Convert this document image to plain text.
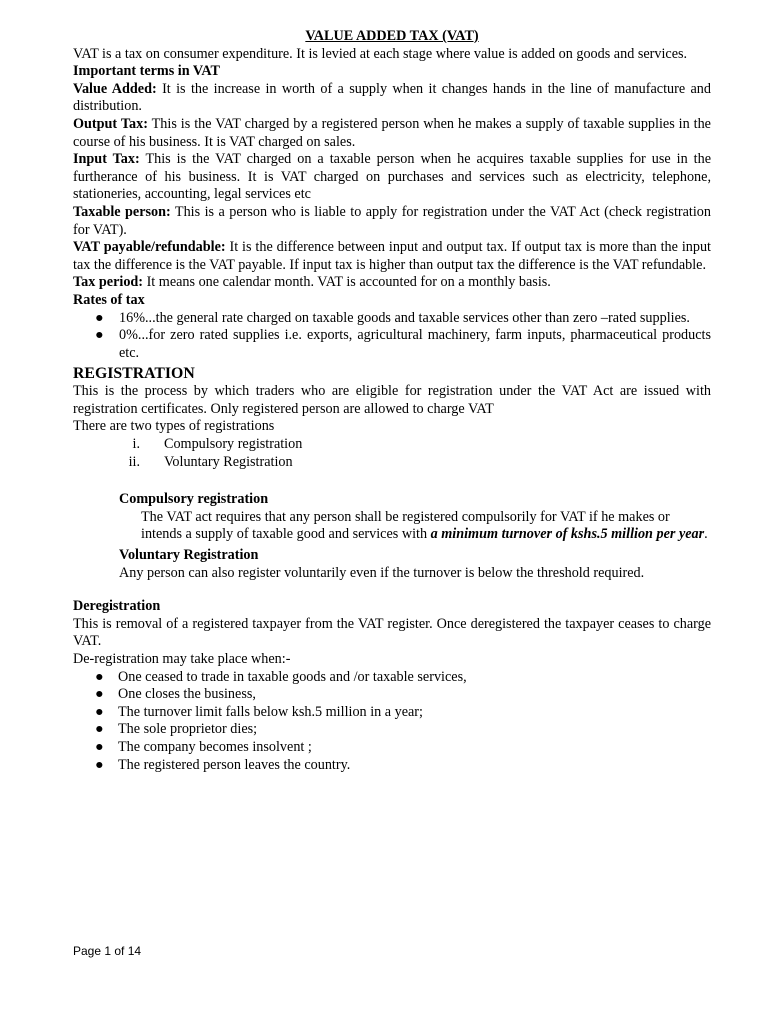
VALUE ADDED TAX (VAT)

VAT is a tax on consumer expenditure. It is levied at each stage where value is added on goods and services.

Important terms in VAT

Value Added: It is the increase in worth of a supply when it changes hands in the line of manufacture and distribution.

Output Tax: This is the VAT charged by a registered person when he makes a supply of taxable supplies in the course of his business. It is VAT charged on sales.

Input Tax: This is the VAT charged on a taxable person when he acquires taxable supplies for use in the furtherance of his business. It is VAT charged on purchases and services such as electricity, telephone, stationeries, accounting, legal services etc

Taxable person: This is a person who is liable to apply for registration under the VAT Act (check registration for VAT).

VAT payable/refundable: It is the difference between input and output tax. If output tax is more than the input tax the difference is the VAT payable. If input tax is higher than output tax the difference is the VAT refundable.

Tax period: It means one calendar month. VAT is accounted for on a monthly basis.

Rates of tax

● 16%...the general rate charged on taxable goods and taxable services other than zero –rated supplies.
● 0%...for zero rated supplies i.e. exports, agricultural machinery, farm inputs, pharmaceutical products etc.

REGISTRATION

This is the process by which traders who are eligible for registration under the VAT Act are issued with registration certificates. Only registered person are allowed to charge VAT

There are two types of registrations

i. Compulsory registration
ii. Voluntary Registration

Compulsory registration

The VAT act requires that any person shall be registered compulsorily for VAT if he makes or intends a supply of taxable good and services with a minimum turnover of kshs.5 million per year.

Voluntary Registration

Any person can also register voluntarily even if the turnover is below the threshold required.

Deregistration

This is removal of a registered taxpayer from the VAT register. Once deregistered the taxpayer ceases to charge VAT.

De-registration may take place when:-

● One ceased to trade in taxable goods and /or taxable services,
● One closes the business,
● The turnover limit falls below ksh.5 million in a year;
● The sole proprietor dies;
● The company becomes insolvent ;
● The registered person leaves the country.
Page 1 of 14
